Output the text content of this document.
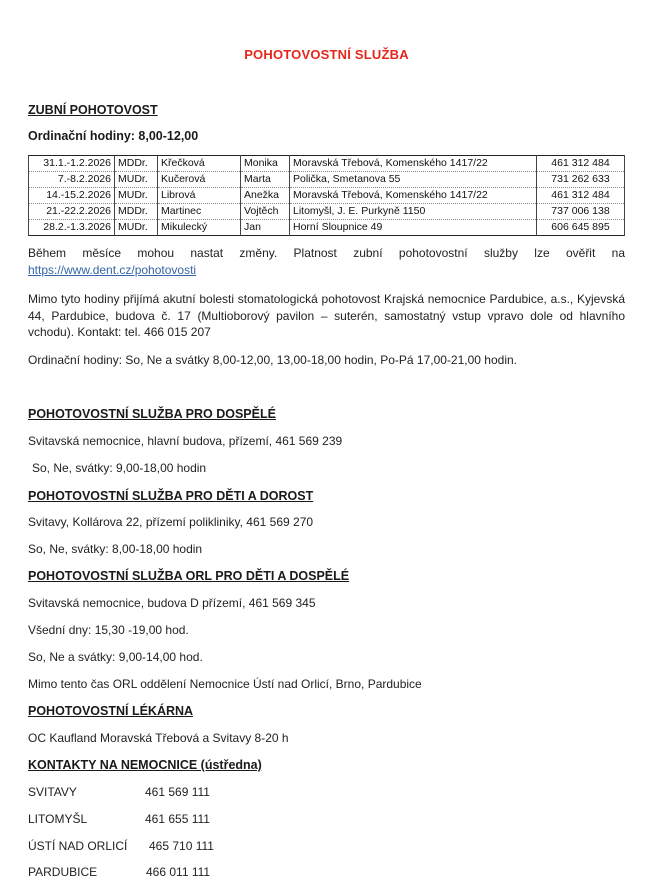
POHOTOVOSTNÍ SLUŽBA
ZUBNÍ POHOTOVOST
Ordinační hodiny: 8,00-12,00
31.1.-1.2.2026	MDDr.	Křečková	Monika	Moravská Třebová, Komenského 1417/22	461 312 484
7.-8.2.2026	MUDr.	Kučerová	Marta	Polička, Smetanova 55	731 262 633
14.-15.2.2026	MUDr.	Librová	Anežka	Moravská Třebová, Komenského 1417/22	461 312 484
21.-22.2.2026	MDDr.	Martinec	Vojtěch	Litomyšl, J. E. Purkyně 1150	737 006 138
28.2.-1.3.2026	MUDr.	Mikulecký	Jan	Horní Sloupnice 49	606 645 895
Během měsíce mohou nastat změny. Platnost zubní pohotovostní služby lze ověřit na
https://www.dent.cz/pohotovosti
Mimo tyto hodiny přijímá akutní bolesti stomatologická pohotovost Krajská nemocnice Pardubice, a.s., Kyjevská 44, Pardubice, budova č. 17 (Multioborový pavilon – suterén, samostatný vstup vpravo dole od hlavního vchodu). Kontakt: tel. 466 015 207
Ordinační hodiny: So, Ne a svátky 8,00-12,00, 13,00-18,00 hodin, Po-Pá 17,00-21,00 hodin.
POHOTOVOSTNÍ SLUŽBA PRO DOSPĚLÉ
Svitavská nemocnice, hlavní budova, přízemí, 461 569 239
So, Ne, svátky: 9,00-18,00 hodin
POHOTOVOSTNÍ SLUŽBA PRO DĚTI A DOROST
Svitavy, Kollárova 22, přízemí polikliniky, 461 569 270
So, Ne, svátky: 8,00-18,00 hodin
POHOTOVOSTNÍ SLUŽBA ORL PRO DĚTI A DOSPĚLÉ
Svitavská nemocnice, budova D přízemí, 461 569 345
Všední dny: 15,30 -19,00 hod.
So, Ne a svátky: 9,00-14,00 hod.
Mimo tento čas ORL oddělení Nemocnice Ústí nad Orlicí, Brno, Pardubice
POHOTOVOSTNÍ LÉKÁRNA
OC Kaufland Moravská Třebová a Svitavy 8-20 h
KONTAKTY NA NEMOCNICE (ústředna)
SVITAVY	461 569 111
LITOMYŠL	461 655 111
ÚSTÍ NAD ORLICÍ 465 710 111
PARDUBICE	466 011 111
